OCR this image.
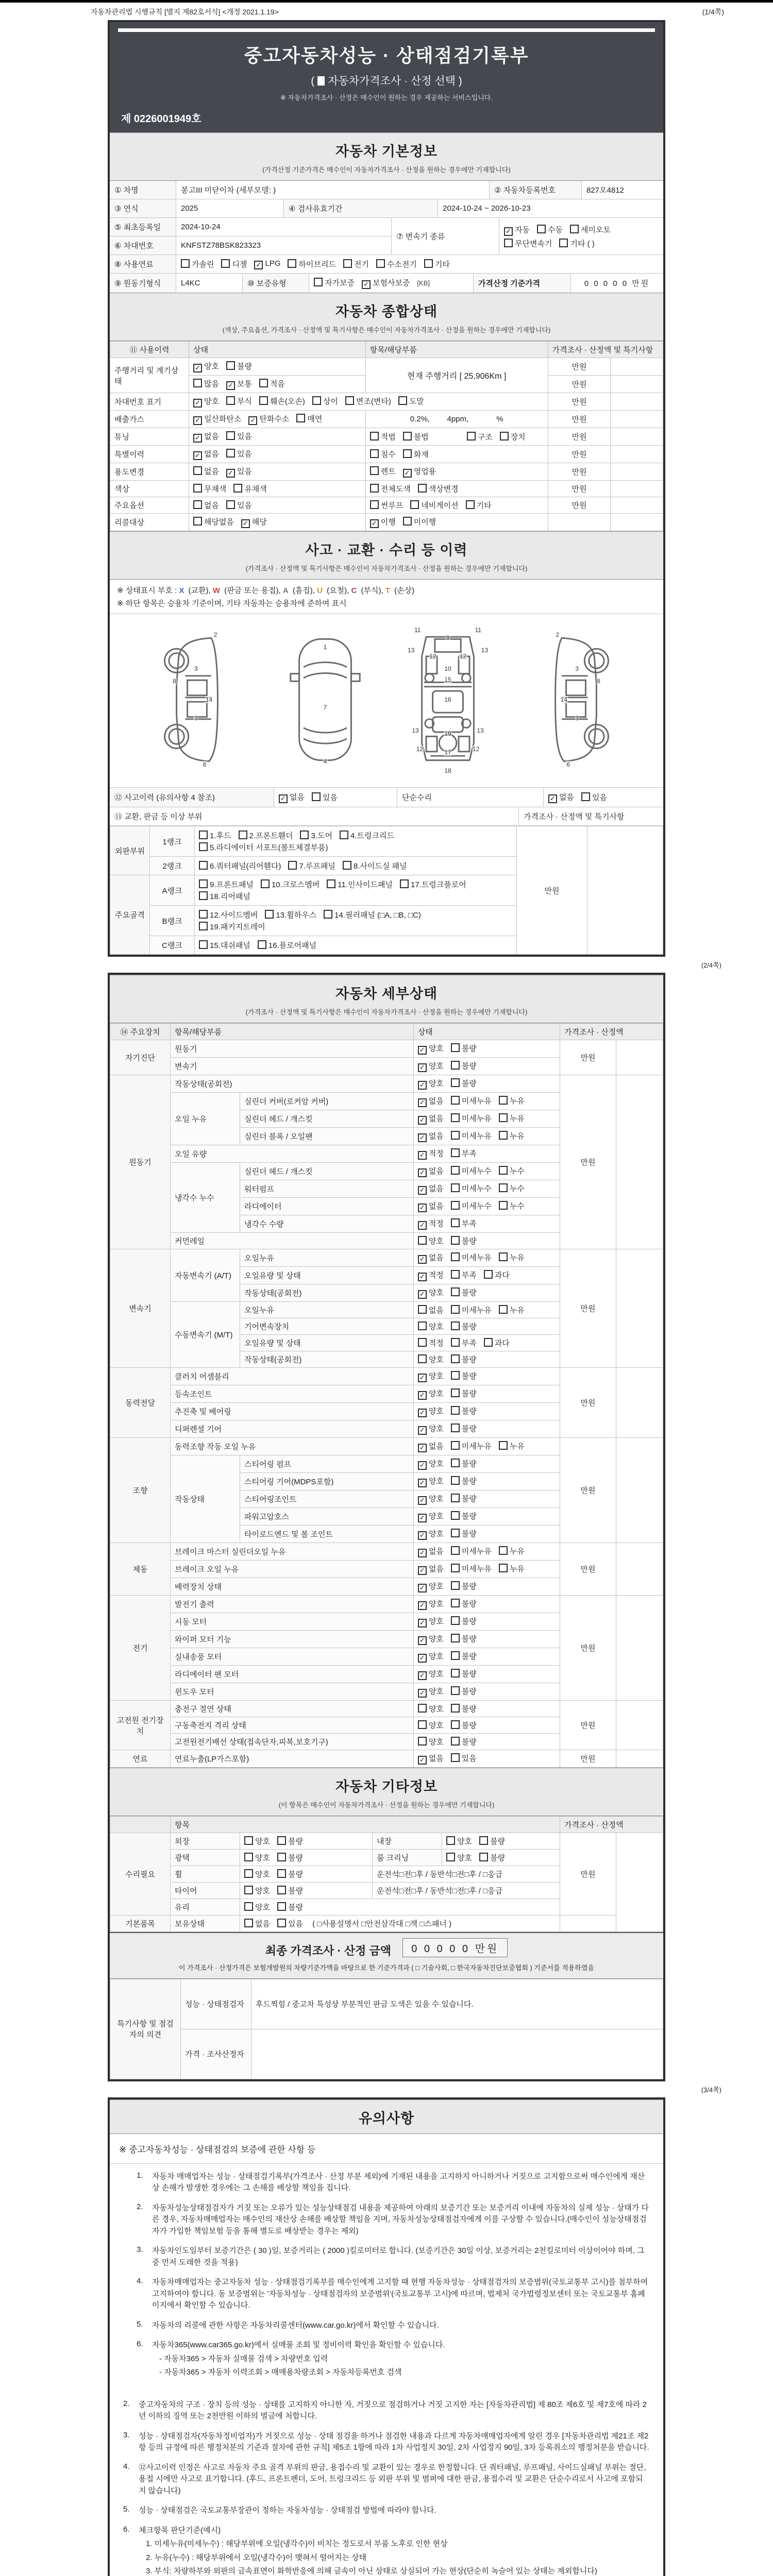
자동차관리법 시행규칙 [별지 제82호서식] <개정 2021.1.19>	(1/4쪽)
중고자동차성능 · 상태점검기록부
( 자동차가격조사 · 산정 선택 )
※ 자동차가격조사 · 산정은 매수인이 원하는 경우 제공하는 서비스입니다.
제 0226001949호
자동차 기본정보
(가격산정 기준가격은 매수인이 자동차가격조사 · 산정을 원하는 경우에만 기재합니다)
① 차명	봉고III 미닫이차 (세부모델: )	② 자동차등록번호	827오4812
③ 연식	2025	④ 검사유효기간	2024-10-24 ~ 2026-10-23
⑤ 최초등록일	2024-10-24
⑥ 차대번호	KNFSTZ78BSK823323
⑦ 변속기 종류
✓ 자동 수동 세미오토
무단변속기 기타 ( )
⑧ 사용연료	가솔린	디젤 ✓ LPG	하이브리드	전기	수소전기	기타
⑨ 원동기형식	L4KC	⑩ 보증유형	자가보증 ✓ 보험사보증	[KB]	가격산정 기준가격	0 0 0 0 0 만원
자동차 종합상태
(색상, 주요옵션, 가격조사 · 산정액 및 특기사항은 매수인이 자동차가격조사 · 산정을 원하는 경우에만 기재합니다)
⑪ 사용이력	상태	항목/해당부품	가격조사 · 산정액 및 특기사항	
주행거리 및 계기상태	✓ 양호 불량	현재 주행거리 [ 25,906Km ]	만원	
	많음 ✓ 보통 적음		만원	
차대번호 표기	✓ 양호 부식 훼손(오손) 상이 변조(변타) 도말		만원	
배출가스	✓ 일산화탄소 ✓ 탄화수소 매연	0.2%,        4ppm,             %	만원	
튜닝	✓ 없음 있음	적법 불법 구조 장치	만원	
특별이력	✓ 없음 있음	침수 화재	만원	
용도변경	없음 ✓ 있음	렌트 ✓ 영업용	만원	
색상	무채색 유채색	전체도색 색상변경	만원	
주요옵션	없음 있음	썬루프 네비게이션 기타	만원	
리콜대상	해당없음 ✓ 해당	✓ 이행 미이행		
사고 · 교환 · 수리 등 이력
(가격조사 · 산정액 및 특기사항은 매수인이 자동차가격조사 · 산정을 원하는 경우에만 기재합니다)
※ 상태표시 부호 : X (교환), W (판금 또는 용접), A (흠집), U (요철), C (부식), T (손상)
※ 하단 항목은 승용차 기준이며, 기타 자동차는 승용차에 준하여 표시
2
8
3
14
3
6
1
7
4
9
11	11
13	13
12	12
10
15
16
19
13	13
12	12
17
18
2
8
3
14
3
6
⑫ 사고이력 (유의사항 4 참조)	✓ 없음	있음	단순수리	✓ 없음	있음
⑬ 교환, 판금 등 이상 부위	가격조사 · 산정액 및 특기사항
외판부위	1랭크	1.후드 2.프론트휀더 3.도어 4.트렁크리드
5.라디에이터 서포트(볼트체결부품)	만원	
	2랭크	6.쿼터패널(리어휀다) 7.루프패널 8.사이드실 패널		

주요골격	A랭크	9.프론트패널 10.크로스멤버 11.인사이드패널 17.트렁크플로어
18.리어패널		

	B랭크	12.사이드멤버 13.휠하우스 14.필러패널 (□A, □B, □C)
19.패키지트레이		

	C랭크	15.대쉬패널 16.플로어패널		
(2/4쪽)
자동차 세부상태
(가격조사 · 산정액 및 특기사항은 매수인이 자동차가격조사 · 산정을 원하는 경우에만 기재합니다)
⑭ 주요장치	항목/해당부품		상태	가격조사 · 산정액	
자기진단	원동기		✓ 양호 불량	만원	
	변속기		✓ 양호 불량		
원동기	작동상태(공회전)		✓ 양호 불량	만원	
	오일 누유	실린더 커버(로커암 커버)	✓ 없음 미세누유 누유		
		실린더 헤드 / 개스킷	✓ 없음 미세누유 누유		
		실린더 블록 / 오일팬	✓ 없음 미세누유 누유		
	오일 유량		✓ 적정 부족		
	냉각수 누수	실린더 헤드 / 개스킷	✓ 없음 미세누수 누수		
		워터펌프	✓ 없음 미세누수 누수		
		라디에이터	✓ 없음 미세누수 누수		
		냉각수 수량	✓ 적정 부족		
	커먼레일		양호 불량		
변속기	자동변속기 (A/T)	오일누유	✓ 없음 미세누유 누유	만원	
		오일유량 및 상태	✓ 적정 부족 과다		
		작동상태(공회전)	✓ 양호 불량		
	수동변속기 (M/T)	오일누유	없음 미세누유 누유		
		기어변속장치	양호 불량		
		오일유량 및 상태	적정 부족 과다		
		작동상태(공회전)	양호 불량		
동력전달	클러치 어셈블리		✓ 양호 불량	만원	
	등속조인트		✓ 양호 불량		
	추진축 및 베어링		✓ 양호 불량		
	디퍼렌셜 기어		✓ 양호 불량		
조향	동력조향 작동 오일 누유		✓ 없음 미세누유 누유	만원	
	작동상태	스티어링 펌프	✓ 양호 불량		
		스티어링 기어(MDPS포함)	✓ 양호 불량		
		스티어링조인트	✓ 양호 불량		
		파워고압호스	✓ 양호 불량		
		타이로드엔드 및 볼 조인트	✓ 양호 불량		
제동	브레이크 마스터 실린더오일 누유		✓ 없음 미세누유 누유	만원	
	브레이크 오일 누유		✓ 없음 미세누유 누유		
	배력장치 상태		✓ 양호 불량		
전기	발전기 출력		✓ 양호 불량	만원	
	시동 모터		✓ 양호 불량		
	와이퍼 모터 기능		✓ 양호 불량		
	실내송풍 모터		✓ 양호 불량		
	라디에이터 팬 모터		✓ 양호 불량		
	윈도우 모터		✓ 양호 불량		
고전원 전기장치	충전구 절연 상태		양호 불량	만원	
	구동축전지 격리 상태		양호 불량		
	고전원전기배선 상태(접속단자,피복,보호기구)		양호 불량		
연료	연료누출(LP가스포함)		✓ 없음 있음	만원	
자동차 기타정보
(이 항목은 매수인이 자동차가격조사 · 산정을 원하는 경우에만 기재합니다)
	항목				가격조사 · 산정액	
수리필요	외장	양호 불량	내장	양호 불량	만원	
	광택	양호 불량	룸 크리닝	양호 불량		
	휠	양호 불량	운전석□전□후 / 동반석□전□후 / □응급			
	타이어	양호 불량	운전석□전□후 / 동반석□전□후 / □응급			
	유리	양호 불량				
기본품목	보유상태	없음 있음 ( □사용설명서 □안전삼각대 □잭 □스패너 )				
최종 가격조사 · 산정 금액 0 0 0 0 0 만원
이 가격조사 · 산정가격은 보험개발원의 차량기준가액을 바탕으로 한 기준가격과 ( □ 기술사회, □ 한국자동차진단보증협회 ) 기준서를 적용하였음
특기사항 및 점검자의 의견	성능 · 상태점검자	후드찍힘 / 중고차 특성상 부분적인 판금 도색은 있을 수 있습니다.
	가격 · 조사산정자	
(3/4쪽)
유의사항
※ 중고자동차성능 · 상태점검의 보증에 관한 사항 등
1.	자동차 매매업자는 성능 · 상태점검기록부(가격조사 · 산정 부분 제외)에 기재된 내용을 고지하지 아니하거나 거짓으로 고지함으로써 매수인에게 재산상 손해가 발생한 경우에는 그 손해를 배상할 책임을 집니다.
2.	자동차성능상태점검자가 거짓 또는 오류가 있는 성능상태점검 내용을 제공하여 아래의 보증기간 또는 보증거리 이내에 자동차의 실제 성능 · 상태가 다른 경우, 자동차매매업자는 매수인의 재산상 손해를 배상할 책임을 지며, 자동차성능상태점검자에게 이를 구상할 수 있습니다.(매수인이 성능상태점검자가 가입한 책임보험 등을 통해 별도로 배상받는 경우는 제외)
3.	자동차인도일부터 보증기간은 ( 30 )일, 보증거리는 ( 2000 )킬로미터로 합니다. (보증기간은 30일 이상, 보증거리는 2천킬로미터 이상이어야 하며, 그 중 먼저 도래한 것을 적용)
4.	자동차매매업자는 중고자동차 성능 · 상태점검기록부를 매수인에게 고지할 때 현행 자동차성능 · 상태점검자의 보증범위(국토교통부 고시)를 첨부하여 고지하여야 합니다. 동 보증범위는 '자동차성능 · 상태점검자의 보증범위'(국토교통부 고시)에 따르며, 법제처 국가법령정보센터 또는 국토교통부 홈페이지에서 확인할 수 있습니다.
5.	자동차의 리콜에 관한 사항은 자동차리콜센터(www.car.go.kr)에서 확인할 수 있습니다.
6.	자동차365(www.car365.go.kr)에서 실매물 조회 및 정비이력 확인을 확인할 수 있습니다.
- 자동차365 > 자동차 실매물 검색 > 차량번호 입력
- 자동차365 > 자동차 이력조회 > 매매용차량조회 > 자동차등록번호 검색
2.	중고자동차의 구조 · 장치 등의 성능 · 상태를 고지하지 아니한 자, 거짓으로 점검하거나 거짓 고지한 자는 [자동차관리법] 제 80조 제6호 및 제7호에 따라 2년 이하의 징역 또는 2천만원 이하의 벌금에 처합니다.
3.	성능 · 상태점검자(자동차정비업자)가 거짓으로 성능 · 상태 점검을 하거나 점검한 내용과 다르게 자동차매매업자에게 알린 경우 [자동차관리법 제21조 제2항 등의 규정에 따른 행정처분의 기준과 절차에 관한 규칙] 제5조 1항에 따라 1차 사업정지 30일, 2차 사업정지 90일, 3차 등록취소의 행정처분을 받습니다.
4.	⑫사고이력 인정은 사고로 자동차 주요 골격 부위의 판금, 용접수리 및 교환이 있는 경우로 한정합니다. 단 쿼터패널, 루프패널, 사이드실패널 부위는 절단, 용접 시에만 사고로 표기합니다. (후드, 프론트펜더, 도어, 트렁크리드 등 외판 부위 및 범퍼에 대한 판금, 용접수리 및 교환은 단순수리로서 사고에 포함되지 않습니다)
5.	성능 · 상태점검은 국토교통부장관이 정하는 자동차성능 · 상태점검 방법에 따라야 합니다.
6.	체크항목 판단기준(예시)
1. 미세누유(미세누수) : 해당부위에 오일(냉각수)이 비치는 정도로서 부품 노후로 인한 현상
2. 누유(누수) : 해당부위에서 오일(냉각수)이 맺혀서 떨어지는 상태
3. 부식: 차량하부와 외판의 금속표면이 화학반응에 의해 금속이 아닌 상태로 상실되어 가는 현상(단순히 녹슬어 있는 상태는 제외합니다)
